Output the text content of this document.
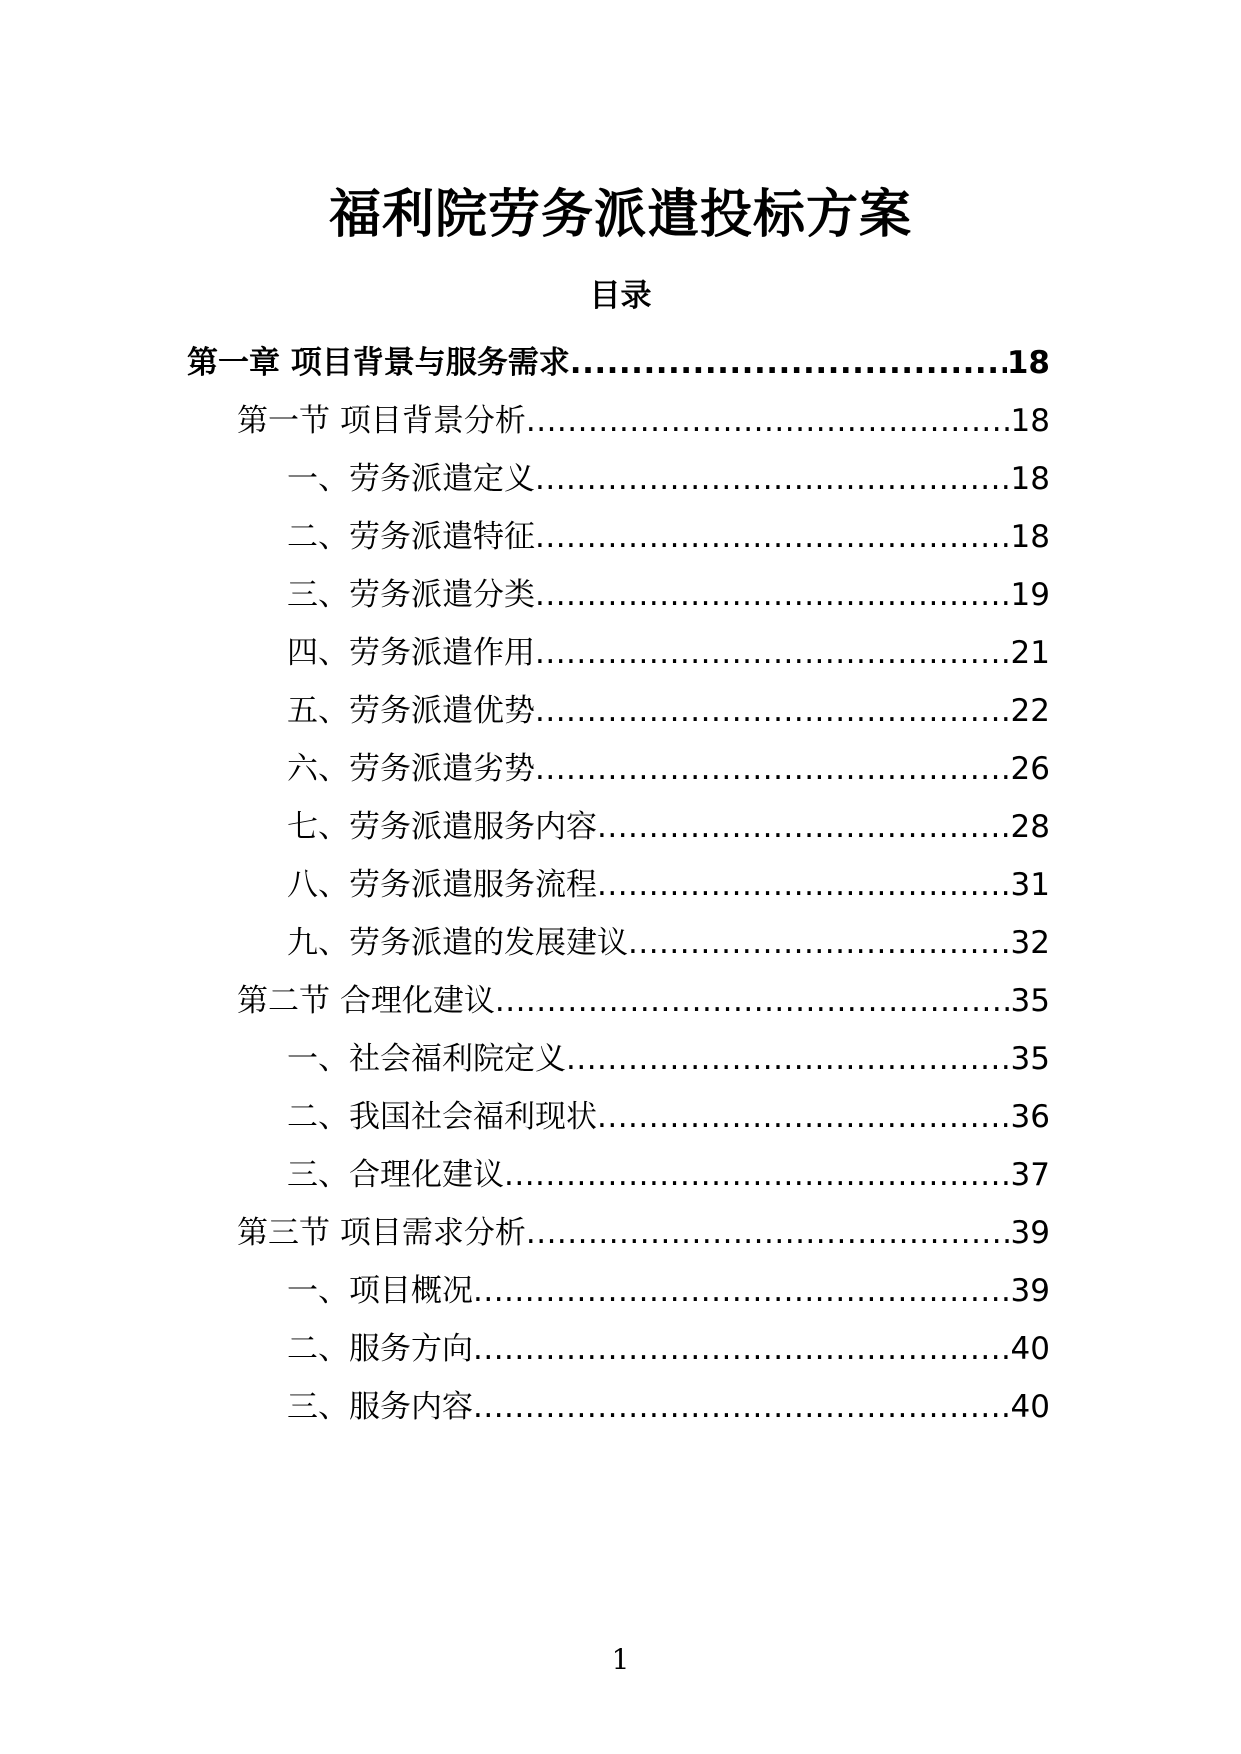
福利院劳务派遣投标方案
目录
第一章 项目背景与服务需求 .....	18
第一节 项目背景分析 .....	18
一、劳务派遣定义 .....	18
二、劳务派遣特征 .....	18
三、劳务派遣分类 .....	19
四、劳务派遣作用 .....	21
五、劳务派遣优势 .....	22
六、劳务派遣劣势 .....	26
七、劳务派遣服务内容 .....	28
八、劳务派遣服务流程 .....	31
九、劳务派遣的发展建议 .....	32
第二节 合理化建议 .....	35
一、社会福利院定义 .....	35
二、我国社会福利现状 .....	36
三、合理化建议 .....	37
第三节 项目需求分析 .....	39
一、项目概况 .....	39
二、服务方向 .....	40
三、服务内容 .....	40
1
